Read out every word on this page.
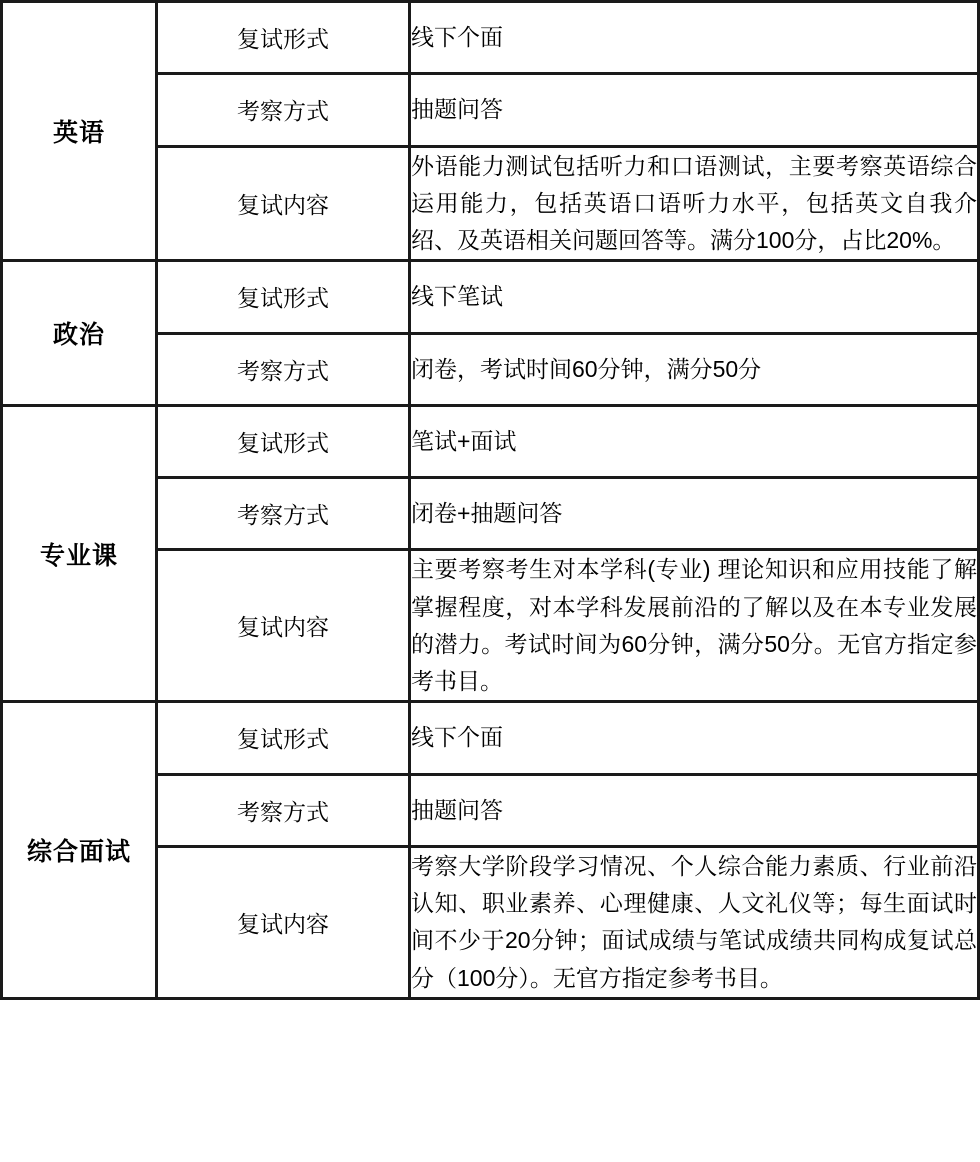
英语	复试形式	线下个面
	考察方式	抽题问答
	复试内容	外语能力测试包括听力和口语测试，主要考察英语综合运用能力，包括英语口语听力水平，包括英文自我介绍、及英语相关问题回答等。满分100分，占比20%。

政治	复试形式	线下笔试
	考察方式	闭卷，考试时间60分钟，满分50分
专业课	复试形式	笔试+面试
	考察方式	闭卷+抽题问答
	复试内容	主要考察考生对本学科(专业) 理论知识和应用技能了解掌握程度，对本学科发展前沿的了解以及在本专业发展的潜力。考试时间为60分钟，满分50分。无官方指定参考书目。

综合面试	复试形式	线下个面
	考察方式	抽题问答
	复试内容	考察大学阶段学习情况、个人综合能力素质、行业前沿认知、职业素养、心理健康、人文礼仪等；每生面试时间不少于20分钟；面试成绩与笔试成绩共同构成复试总分（100分）。无官方指定参考书目。
